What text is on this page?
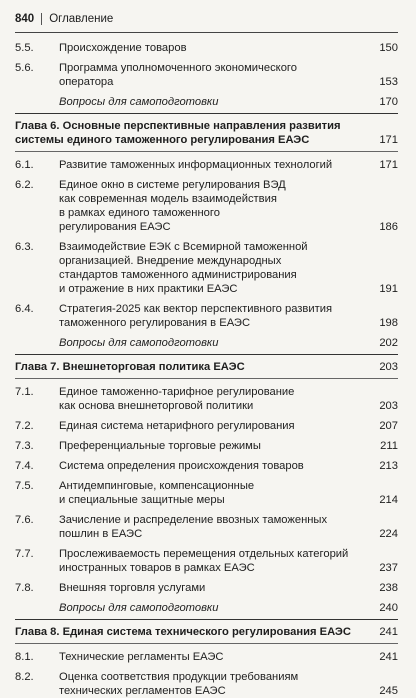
840 Оглавление
5.5.	Происхождение товаров	150
5.6.	Программа уполномоченного экономического
оператора	153
Вопросы для самоподготовки	170
Глава 6. Основные перспективные направления развития
системы единого таможенного регулирования ЕАЭС	171
6.1.	Развитие таможенных информационных технологий	171
6.2.	Единое окно в системе регулирования ВЭД
как современная модель взаимодействия
в рамках единого таможенного
регулирования ЕАЭС	186
6.3.	Взаимодействие ЕЭК с Всемирной таможенной
организацией. Внедрение международных
стандартов таможенного администрирования
и отражение в них практики ЕАЭС	191
6.4.	Стратегия-2025 как вектор перспективного развития
таможенного регулирования в ЕАЭС	198
Вопросы для самоподготовки	202
Глава 7. Внешнеторговая политика ЕАЭС	203
7.1.	Единое таможенно-тарифное регулирование
как основа внешнеторговой политики	203
7.2.	Единая система нетарифного регулирования	207
7.3.	Преференциальные торговые режимы	211
7.4.	Система определения происхождения товаров	213
7.5.	Антидемпинговые, компенсационные
и специальные защитные меры	214
7.6.	Зачисление и распределение ввозных таможенных
пошлин в ЕАЭС	224
7.7.	Прослеживаемость перемещения отдельных категорий
иностранных товаров в рамках ЕАЭС	237
7.8.	Внешняя торговля услугами	238
Вопросы для самоподготовки	240
Глава 8. Единая система технического регулирования ЕАЭС	241
8.1.	Технические регламенты ЕАЭС	241
8.2.	Оценка соответствия продукции требованиям
технических регламентов ЕАЭС	245
